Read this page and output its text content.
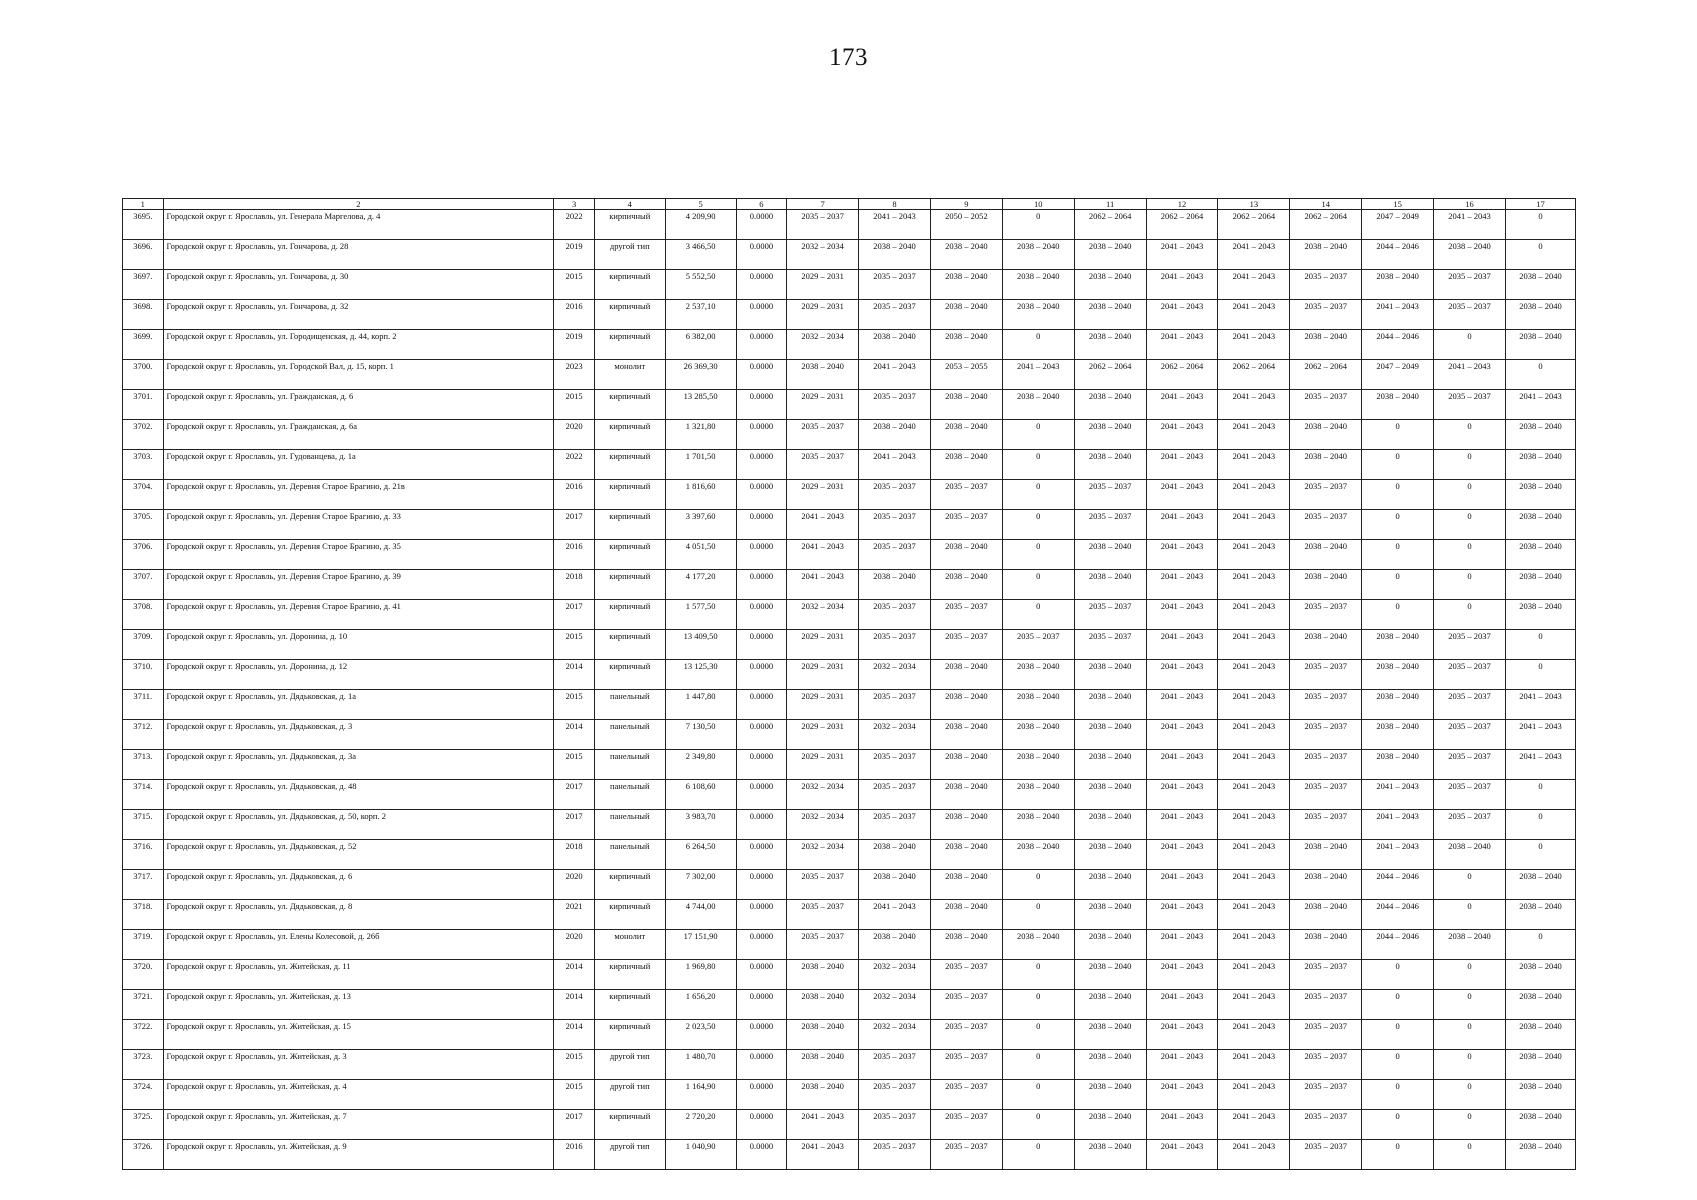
173
1	2	3	4	5	6	7	8	9	10	11	12	13	14	15	16	17
3695.	Городской округ г. Ярославль, ул. Генерала Маргелова, д. 4	2022	кирпичный	4 209,90	0.0000	2035 – 2037	2041 – 2043	2050 – 2052	0	2062 – 2064	2062 – 2064	2062 – 2064	2062 – 2064	2047 – 2049	2041 – 2043	0
3696.	Городской округ г. Ярославль, ул. Гончарова, д. 28	2019	другой тип	3 466,50	0.0000	2032 – 2034	2038 – 2040	2038 – 2040	2038 – 2040	2038 – 2040	2041 – 2043	2041 – 2043	2038 – 2040	2044 – 2046	2038 – 2040	0
3697.	Городской округ г. Ярославль, ул. Гончарова, д. 30	2015	кирпичный	5 552,50	0.0000	2029 – 2031	2035 – 2037	2038 – 2040	2038 – 2040	2038 – 2040	2041 – 2043	2041 – 2043	2035 – 2037	2038 – 2040	2035 – 2037	2038 – 2040
3698.	Городской округ г. Ярославль, ул. Гончарова, д. 32	2016	кирпичный	2 537,10	0.0000	2029 – 2031	2035 – 2037	2038 – 2040	2038 – 2040	2038 – 2040	2041 – 2043	2041 – 2043	2035 – 2037	2041 – 2043	2035 – 2037	2038 – 2040
3699.	Городской округ г. Ярославль, ул. Городищенская, д. 44, корп. 2	2019	кирпичный	6 382,00	0.0000	2032 – 2034	2038 – 2040	2038 – 2040	0	2038 – 2040	2041 – 2043	2041 – 2043	2038 – 2040	2044 – 2046	0	2038 – 2040
3700.	Городской округ г. Ярославль, ул. Городской Вал, д. 15, корп. 1	2023	монолит	26 369,30	0.0000	2038 – 2040	2041 – 2043	2053 – 2055	2041 – 2043	2062 – 2064	2062 – 2064	2062 – 2064	2062 – 2064	2047 – 2049	2041 – 2043	0
3701.	Городской округ г. Ярославль, ул. Гражданская, д. 6	2015	кирпичный	13 285,50	0.0000	2029 – 2031	2035 – 2037	2038 – 2040	2038 – 2040	2038 – 2040	2041 – 2043	2041 – 2043	2035 – 2037	2038 – 2040	2035 – 2037	2041 – 2043
3702.	Городской округ г. Ярославль, ул. Гражданская, д. 6а	2020	кирпичный	1 321,80	0.0000	2035 – 2037	2038 – 2040	2038 – 2040	0	2038 – 2040	2041 – 2043	2041 – 2043	2038 – 2040	0	0	2038 – 2040
3703.	Городской округ г. Ярославль, ул. Гудованцева, д. 1а	2022	кирпичный	1 701,50	0.0000	2035 – 2037	2041 – 2043	2038 – 2040	0	2038 – 2040	2041 – 2043	2041 – 2043	2038 – 2040	0	0	2038 – 2040
3704.	Городской округ г. Ярославль, ул. Деревня Старое Брагино, д. 21в	2016	кирпичный	1 816,60	0.0000	2029 – 2031	2035 – 2037	2035 – 2037	0	2035 – 2037	2041 – 2043	2041 – 2043	2035 – 2037	0	0	2038 – 2040
3705.	Городской округ г. Ярославль, ул. Деревня Старое Брагино, д. 33	2017	кирпичный	3 397,60	0.0000	2041 – 2043	2035 – 2037	2035 – 2037	0	2035 – 2037	2041 – 2043	2041 – 2043	2035 – 2037	0	0	2038 – 2040
3706.	Городской округ г. Ярославль, ул. Деревня Старое Брагино, д. 35	2016	кирпичный	4 051,50	0.0000	2041 – 2043	2035 – 2037	2038 – 2040	0	2038 – 2040	2041 – 2043	2041 – 2043	2038 – 2040	0	0	2038 – 2040
3707.	Городской округ г. Ярославль, ул. Деревня Старое Брагино, д. 39	2018	кирпичный	4 177,20	0.0000	2041 – 2043	2038 – 2040	2038 – 2040	0	2038 – 2040	2041 – 2043	2041 – 2043	2038 – 2040	0	0	2038 – 2040
3708.	Городской округ г. Ярославль, ул. Деревня Старое Брагино, д. 41	2017	кирпичный	1 577,50	0.0000	2032 – 2034	2035 – 2037	2035 – 2037	0	2035 – 2037	2041 – 2043	2041 – 2043	2035 – 2037	0	0	2038 – 2040
3709.	Городской округ г. Ярославль, ул. Доронина, д. 10	2015	кирпичный	13 409,50	0.0000	2029 – 2031	2035 – 2037	2035 – 2037	2035 – 2037	2035 – 2037	2041 – 2043	2041 – 2043	2038 – 2040	2038 – 2040	2035 – 2037	0
3710.	Городской округ г. Ярославль, ул. Доронина, д. 12	2014	кирпичный	13 125,30	0.0000	2029 – 2031	2032 – 2034	2038 – 2040	2038 – 2040	2038 – 2040	2041 – 2043	2041 – 2043	2035 – 2037	2038 – 2040	2035 – 2037	0
3711.	Городской округ г. Ярославль, ул. Дядьковская, д. 1а	2015	панельный	1 447,80	0.0000	2029 – 2031	2035 – 2037	2038 – 2040	2038 – 2040	2038 – 2040	2041 – 2043	2041 – 2043	2035 – 2037	2038 – 2040	2035 – 2037	2041 – 2043
3712.	Городской округ г. Ярославль, ул. Дядьковская, д. 3	2014	панельный	7 130,50	0.0000	2029 – 2031	2032 – 2034	2038 – 2040	2038 – 2040	2038 – 2040	2041 – 2043	2041 – 2043	2035 – 2037	2038 – 2040	2035 – 2037	2041 – 2043
3713.	Городской округ г. Ярославль, ул. Дядьковская, д. 3а	2015	панельный	2 349,80	0.0000	2029 – 2031	2035 – 2037	2038 – 2040	2038 – 2040	2038 – 2040	2041 – 2043	2041 – 2043	2035 – 2037	2038 – 2040	2035 – 2037	2041 – 2043
3714.	Городской округ г. Ярославль, ул. Дядьковская, д. 48	2017	панельный	6 108,60	0.0000	2032 – 2034	2035 – 2037	2038 – 2040	2038 – 2040	2038 – 2040	2041 – 2043	2041 – 2043	2035 – 2037	2041 – 2043	2035 – 2037	0
3715.	Городской округ г. Ярославль, ул. Дядьковская, д. 50, корп. 2	2017	панельный	3 983,70	0.0000	2032 – 2034	2035 – 2037	2038 – 2040	2038 – 2040	2038 – 2040	2041 – 2043	2041 – 2043	2035 – 2037	2041 – 2043	2035 – 2037	0
3716.	Городской округ г. Ярославль, ул. Дядьковская, д. 52	2018	панельный	6 264,50	0.0000	2032 – 2034	2038 – 2040	2038 – 2040	2038 – 2040	2038 – 2040	2041 – 2043	2041 – 2043	2038 – 2040	2041 – 2043	2038 – 2040	0
3717.	Городской округ г. Ярославль, ул. Дядьковская, д. 6	2020	кирпичный	7 302,00	0.0000	2035 – 2037	2038 – 2040	2038 – 2040	0	2038 – 2040	2041 – 2043	2041 – 2043	2038 – 2040	2044 – 2046	0	2038 – 2040
3718.	Городской округ г. Ярославль, ул. Дядьковская, д. 8	2021	кирпичный	4 744,00	0.0000	2035 – 2037	2041 – 2043	2038 – 2040	0	2038 – 2040	2041 – 2043	2041 – 2043	2038 – 2040	2044 – 2046	0	2038 – 2040
3719.	Городской округ г. Ярославль, ул. Елены Колесовой, д. 26б	2020	монолит	17 151,90	0.0000	2035 – 2037	2038 – 2040	2038 – 2040	2038 – 2040	2038 – 2040	2041 – 2043	2041 – 2043	2038 – 2040	2044 – 2046	2038 – 2040	0
3720.	Городской округ г. Ярославль, ул. Житейская, д. 11	2014	кирпичный	1 969,80	0.0000	2038 – 2040	2032 – 2034	2035 – 2037	0	2038 – 2040	2041 – 2043	2041 – 2043	2035 – 2037	0	0	2038 – 2040
3721.	Городской округ г. Ярославль, ул. Житейская, д. 13	2014	кирпичный	1 656,20	0.0000	2038 – 2040	2032 – 2034	2035 – 2037	0	2038 – 2040	2041 – 2043	2041 – 2043	2035 – 2037	0	0	2038 – 2040
3722.	Городской округ г. Ярославль, ул. Житейская, д. 15	2014	кирпичный	2 023,50	0.0000	2038 – 2040	2032 – 2034	2035 – 2037	0	2038 – 2040	2041 – 2043	2041 – 2043	2035 – 2037	0	0	2038 – 2040
3723.	Городской округ г. Ярославль, ул. Житейская, д. 3	2015	другой тип	1 480,70	0.0000	2038 – 2040	2035 – 2037	2035 – 2037	0	2038 – 2040	2041 – 2043	2041 – 2043	2035 – 2037	0	0	2038 – 2040
3724.	Городской округ г. Ярославль, ул. Житейская, д. 4	2015	другой тип	1 164,90	0.0000	2038 – 2040	2035 – 2037	2035 – 2037	0	2038 – 2040	2041 – 2043	2041 – 2043	2035 – 2037	0	0	2038 – 2040
3725.	Городской округ г. Ярославль, ул. Житейская, д. 7	2017	кирпичный	2 720,20	0.0000	2041 – 2043	2035 – 2037	2035 – 2037	0	2038 – 2040	2041 – 2043	2041 – 2043	2035 – 2037	0	0	2038 – 2040
3726.	Городской округ г. Ярославль, ул. Житейская, д. 9	2016	другой тип	1 040,90	0.0000	2041 – 2043	2035 – 2037	2035 – 2037	0	2038 – 2040	2041 – 2043	2041 – 2043	2035 – 2037	0	0	2038 – 2040
